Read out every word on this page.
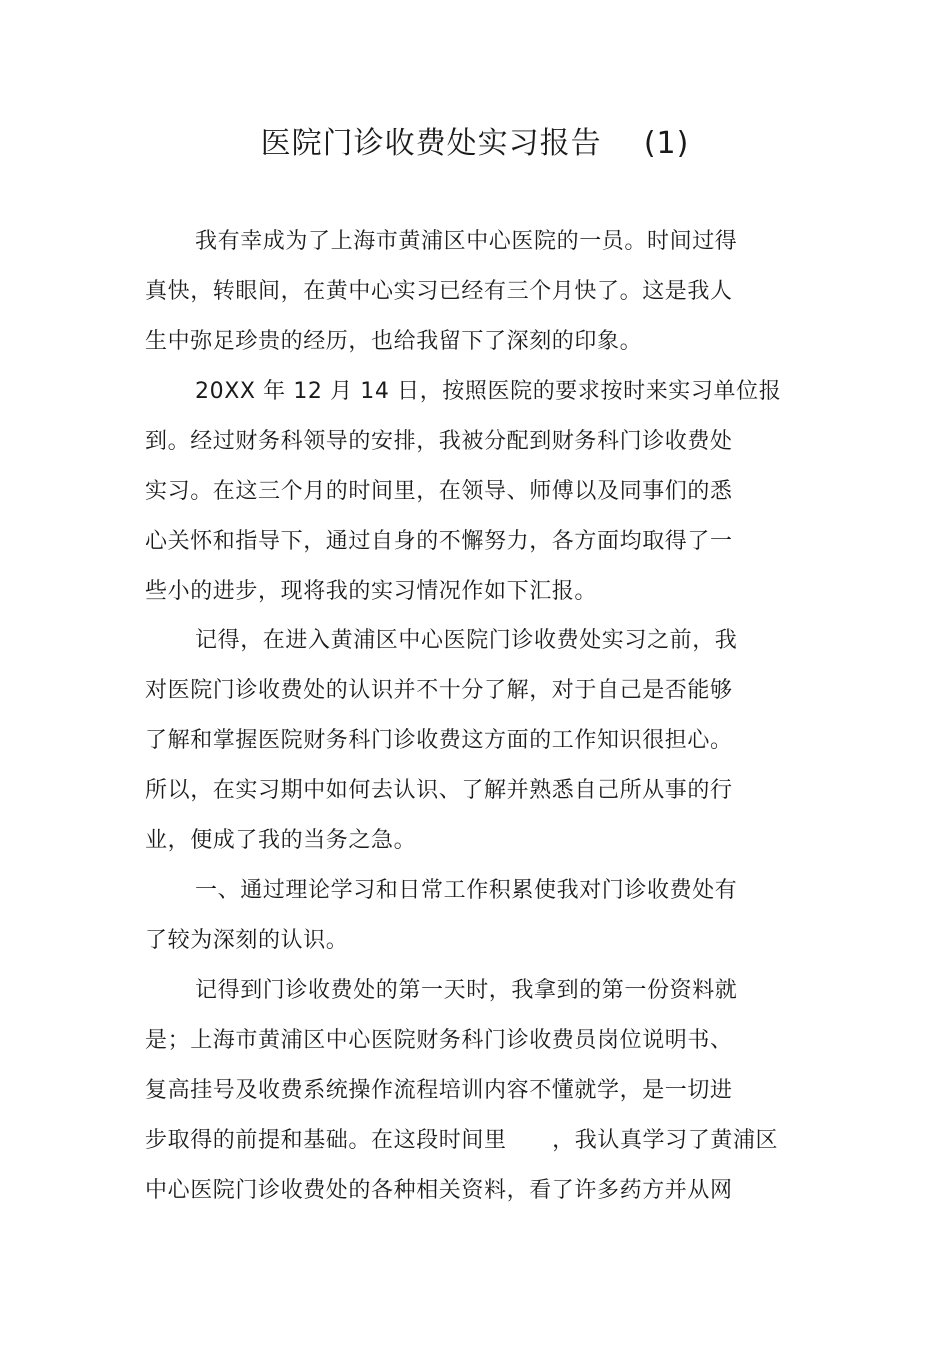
医院门诊收费处实习报告    (1)
我有幸成为了上海市黄浦区中心医院的一员。时间过得
真快，转眼间，在黄中心实习已经有三个月快了。这是我人
生中弥足珍贵的经历，也给我留下了深刻的印象。
20XX 年 12 月 14 日，按照医院的要求按时来实习单位报
到。经过财务科领导的安排，我被分配到财务科门诊收费处
实习。在这三个月的时间里，在领导、师傅以及同事们的悉
心关怀和指导下，通过自身的不懈努力，各方面均取得了一
些小的进步，现将我的实习情况作如下汇报。
记得，在进入黄浦区中心医院门诊收费处实习之前，我
对医院门诊收费处的认识并不十分了解，对于自己是否能够
了解和掌握医院财务科门诊收费这方面的工作知识很担心。
所以，在实习期中如何去认识、了解并熟悉自己所从事的行
业，便成了我的当务之急。
一、通过理论学习和日常工作积累使我对门诊收费处有
了较为深刻的认识。
记得到门诊收费处的第一天时，我拿到的第一份资料就
是；上海市黄浦区中心医院财务科门诊收费员岗位说明书、
复高挂号及收费系统操作流程培训内容不懂就学，是一切进
步取得的前提和基础。在这段时间里      ，我认真学习了黄浦区
中心医院门诊收费处的各种相关资料，看了许多药方并从网
